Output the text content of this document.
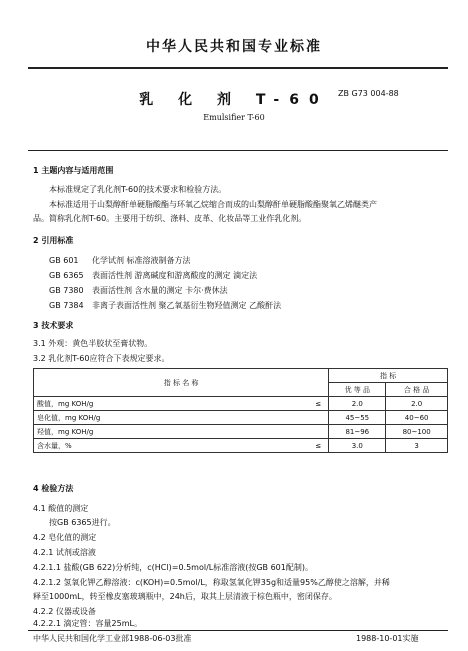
中华人民共和国专业标准
乳 化 剂 T-60	ZB G73 004-88
Emulsifier T-60
1 主题内容与适用范围
本标准规定了乳化剂T-60的技术要求和检验方法。
本标准适用于山梨醇酐单硬脂酸酯与环氧乙烷缩合而成的山梨醇酐单硬脂酸酯聚氧乙烯醚类产
品。简称乳化剂T-60。主要用于纺织、涤料、皮革、化妆品等工业作乳化剂。
2 引用标准
GB 601 化学试剂 标准溶液制备方法
GB 6365 表面活性剂 游离碱度和游离酸度的测定 滴定法
GB 7380 表面活性剂 含水量的测定 卡尔·费休法
GB 7384 非离子表面活性剂 聚乙氧基衍生物羟值测定 乙酸酐法
3 技术要求
3.1 外观：黄色半胶状至膏状物。
3.2 乳化剂T-60应符合下表规定要求。
指 标 名 称		指 标	
		优 等 品	合 格 品
酸值，mg KOH/g	≤	2.0	2.0
皂化值，mg KOH/g		45~55	40~60
羟值，mg KOH/g		81~96	80~100
含水量，%	≤	3.0	3
4 检验方法
4.1 酸值的测定
按GB 6365进行。
4.2 皂化值的测定
4.2.1 试剂或溶液
4.2.1.1 盐酸(GB 622)分析纯，c(HCl)=0.5mol/L标准溶液(按GB 601配制)。
4.2.1.2 氢氧化钾乙醇溶液：c(KOH)=0.5mol/L，称取氢氧化钾35g和适量95%乙醇使之溶解，并稀
释至1000mL，转至橡皮塞玻璃瓶中，24h后，取其上层清液于棕色瓶中，密闭保存。
4.2.2 仪器或设备
4.2.2.1 滴定管：容量25mL。
中华人民共和国化学工业部1988-06-03批准	1988-10-01实施
